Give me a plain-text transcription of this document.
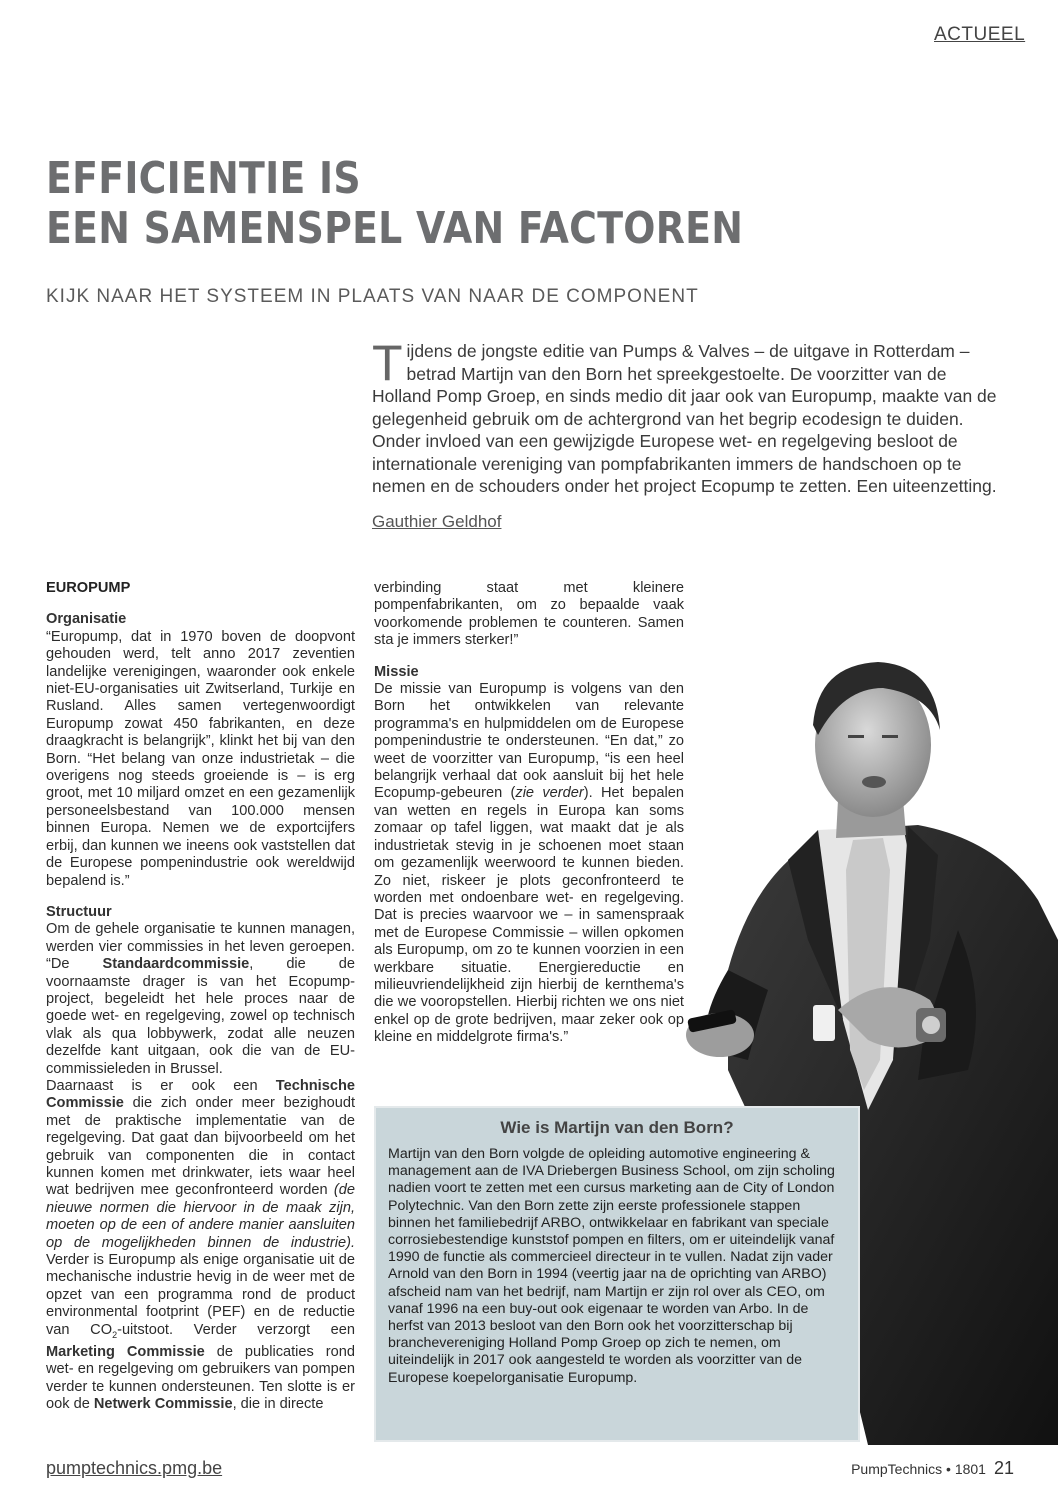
ACTUEEL
EFFICIENTIE IS
EEN SAMENSPEL VAN FACTOREN
KIJK NAAR HET SYSTEEM IN PLAATS VAN NAAR DE COMPONENT
Tijdens de jongste editie van Pumps & Valves – de uitgave in Rotterdam – betrad Martijn van den Born het spreekgestoelte. De voorzitter van de Holland Pomp Groep, en sinds medio dit jaar ook van Europump, maakte van de gelegenheid gebruik om de achtergrond van het begrip ecodesign te duiden. Onder invloed van een gewijzigde Europese wet- en regelgeving besloot de internationale vereniging van pompfabrikanten immers de handschoen op te nemen en de schouders onder het project Ecopump te zetten. Een uiteenzetting.
Gauthier Geldhof
EUROPUMP
Organisatie

“Europump, dat in 1970 boven de doopvont gehouden werd, telt anno 2017 zeventien landelijke verenigingen, waaronder ook enkele niet-EU-organisaties uit Zwitserland, Turkije en Rusland. Alles samen vertegenwoordigt Europump zowat 450 fabrikanten, en deze draagkracht is belangrijk”, klinkt het bij van den Born. “Het belang van onze industrietak – die overigens nog steeds groeiende is – is erg groot, met 10 miljard omzet en een gezamenlijk personeelsbestand van 100.000 mensen binnen Europa. Nemen we de exportcijfers erbij, dan kunnen we ineens ook vaststellen dat de Europese pompenindustrie ook wereldwijd bepalend is.”

Structuur

Om de gehele organisatie te kunnen managen, werden vier commissies in het leven geroepen. “De Standaardcommissie, die de voornaamste drager is van het Ecopump-project, begeleidt het hele proces naar de goede wet- en regelgeving, zowel op technisch vlak als qua lobbywerk, zodat alle neuzen dezelfde kant uitgaan, ook die van de EU-commissieleden in Brussel.

Daarnaast is er ook een Technische Commissie die zich onder meer bezighoudt met de praktische implementatie van de regelgeving. Dat gaat dan bijvoorbeeld om het gebruik van componenten die in contact kunnen komen met drinkwater, iets waar heel wat bedrijven mee geconfronteerd worden (de nieuwe normen die hiervoor in de maak zijn, moeten op de een of andere manier aansluiten op de mogelijkheden binnen de industrie). Verder is Europump als enige organisatie uit de mechanische industrie hevig in de weer met de opzet van een programma rond de product environmental footprint (PEF) en de reductie van $CO_2$-uitstoot. Verder verzorgt een Marketing Commissie de publicaties rond wet- en regelgeving om gebruikers van pompen verder te kunnen ondersteunen. Ten slotte is er ook de Netwerk Commissie, die in directe

verbinding staat met kleinere pompenfabrikanten, om zo bepaalde vaak voorkomende problemen te counteren. Samen sta je immers sterker!”

Missie

De missie van Europump is volgens van den Born het ontwikkelen van relevante programma's en hulpmiddelen om de Europese pompenindustrie te ondersteunen. “En dat,” zo weet de voorzitter van Europump, “is een heel belangrijk verhaal dat ook aansluit bij het hele Ecopump-gebeuren (zie verder). Het bepalen van wetten en regels in Europa kan soms zomaar op tafel liggen, wat maakt dat je als industrietak stevig in je schoenen moet staan om gezamenlijk weerwoord te kunnen bieden. Zo niet, riskeer je plots geconfronteerd te worden met ondoenbare wet- en regelgeving. Dat is precies waarvoor we – in samenspraak met de Europese Commissie – willen opkomen als Europump, om zo te kunnen voorzien in een werkbare situatie. Energiereductie en milieuvriendelijkheid zijn hierbij de kernthema's die we vooropstellen. Hierbij richten we ons niet enkel op de grote bedrijven, maar zeker ook op kleine en middelgrote firma's.”

Wie is Martijn van den Born?

Martijn van den Born volgde de opleiding automotive engineering & management aan de IVA Driebergen Business School, om zijn scholing nadien voort te zetten met een cursus marketing aan de City of London Polytechnic. Van den Born zette zijn eerste professionele stappen binnen het familiebedrijf ARBO, ontwikkelaar en fabrikant van speciale corrosiebestendige kunststof pompen en filters, om er uiteindelijk vanaf 1990 de functie als commercieel directeur in te vullen. Nadat zijn vader Arnold van den Born in 1994 (veertig jaar na de oprichting van ARBO) afscheid nam van het bedrijf, nam Martijn er zijn rol over als CEO, om vanaf 1996 na een buy-out ook eigenaar te worden van Arbo. In de herfst van 2013 besloot van den Born ook het voorzitterschap bij branchevereniging Holland Pomp Groep op zich te nemen, om uiteindelijk in 2017 ook aangesteld te worden als voorzitter van de Europese koepelorganisatie Europump.

pumptechnics.pmg.be	PumpTechnics • 1801 21
